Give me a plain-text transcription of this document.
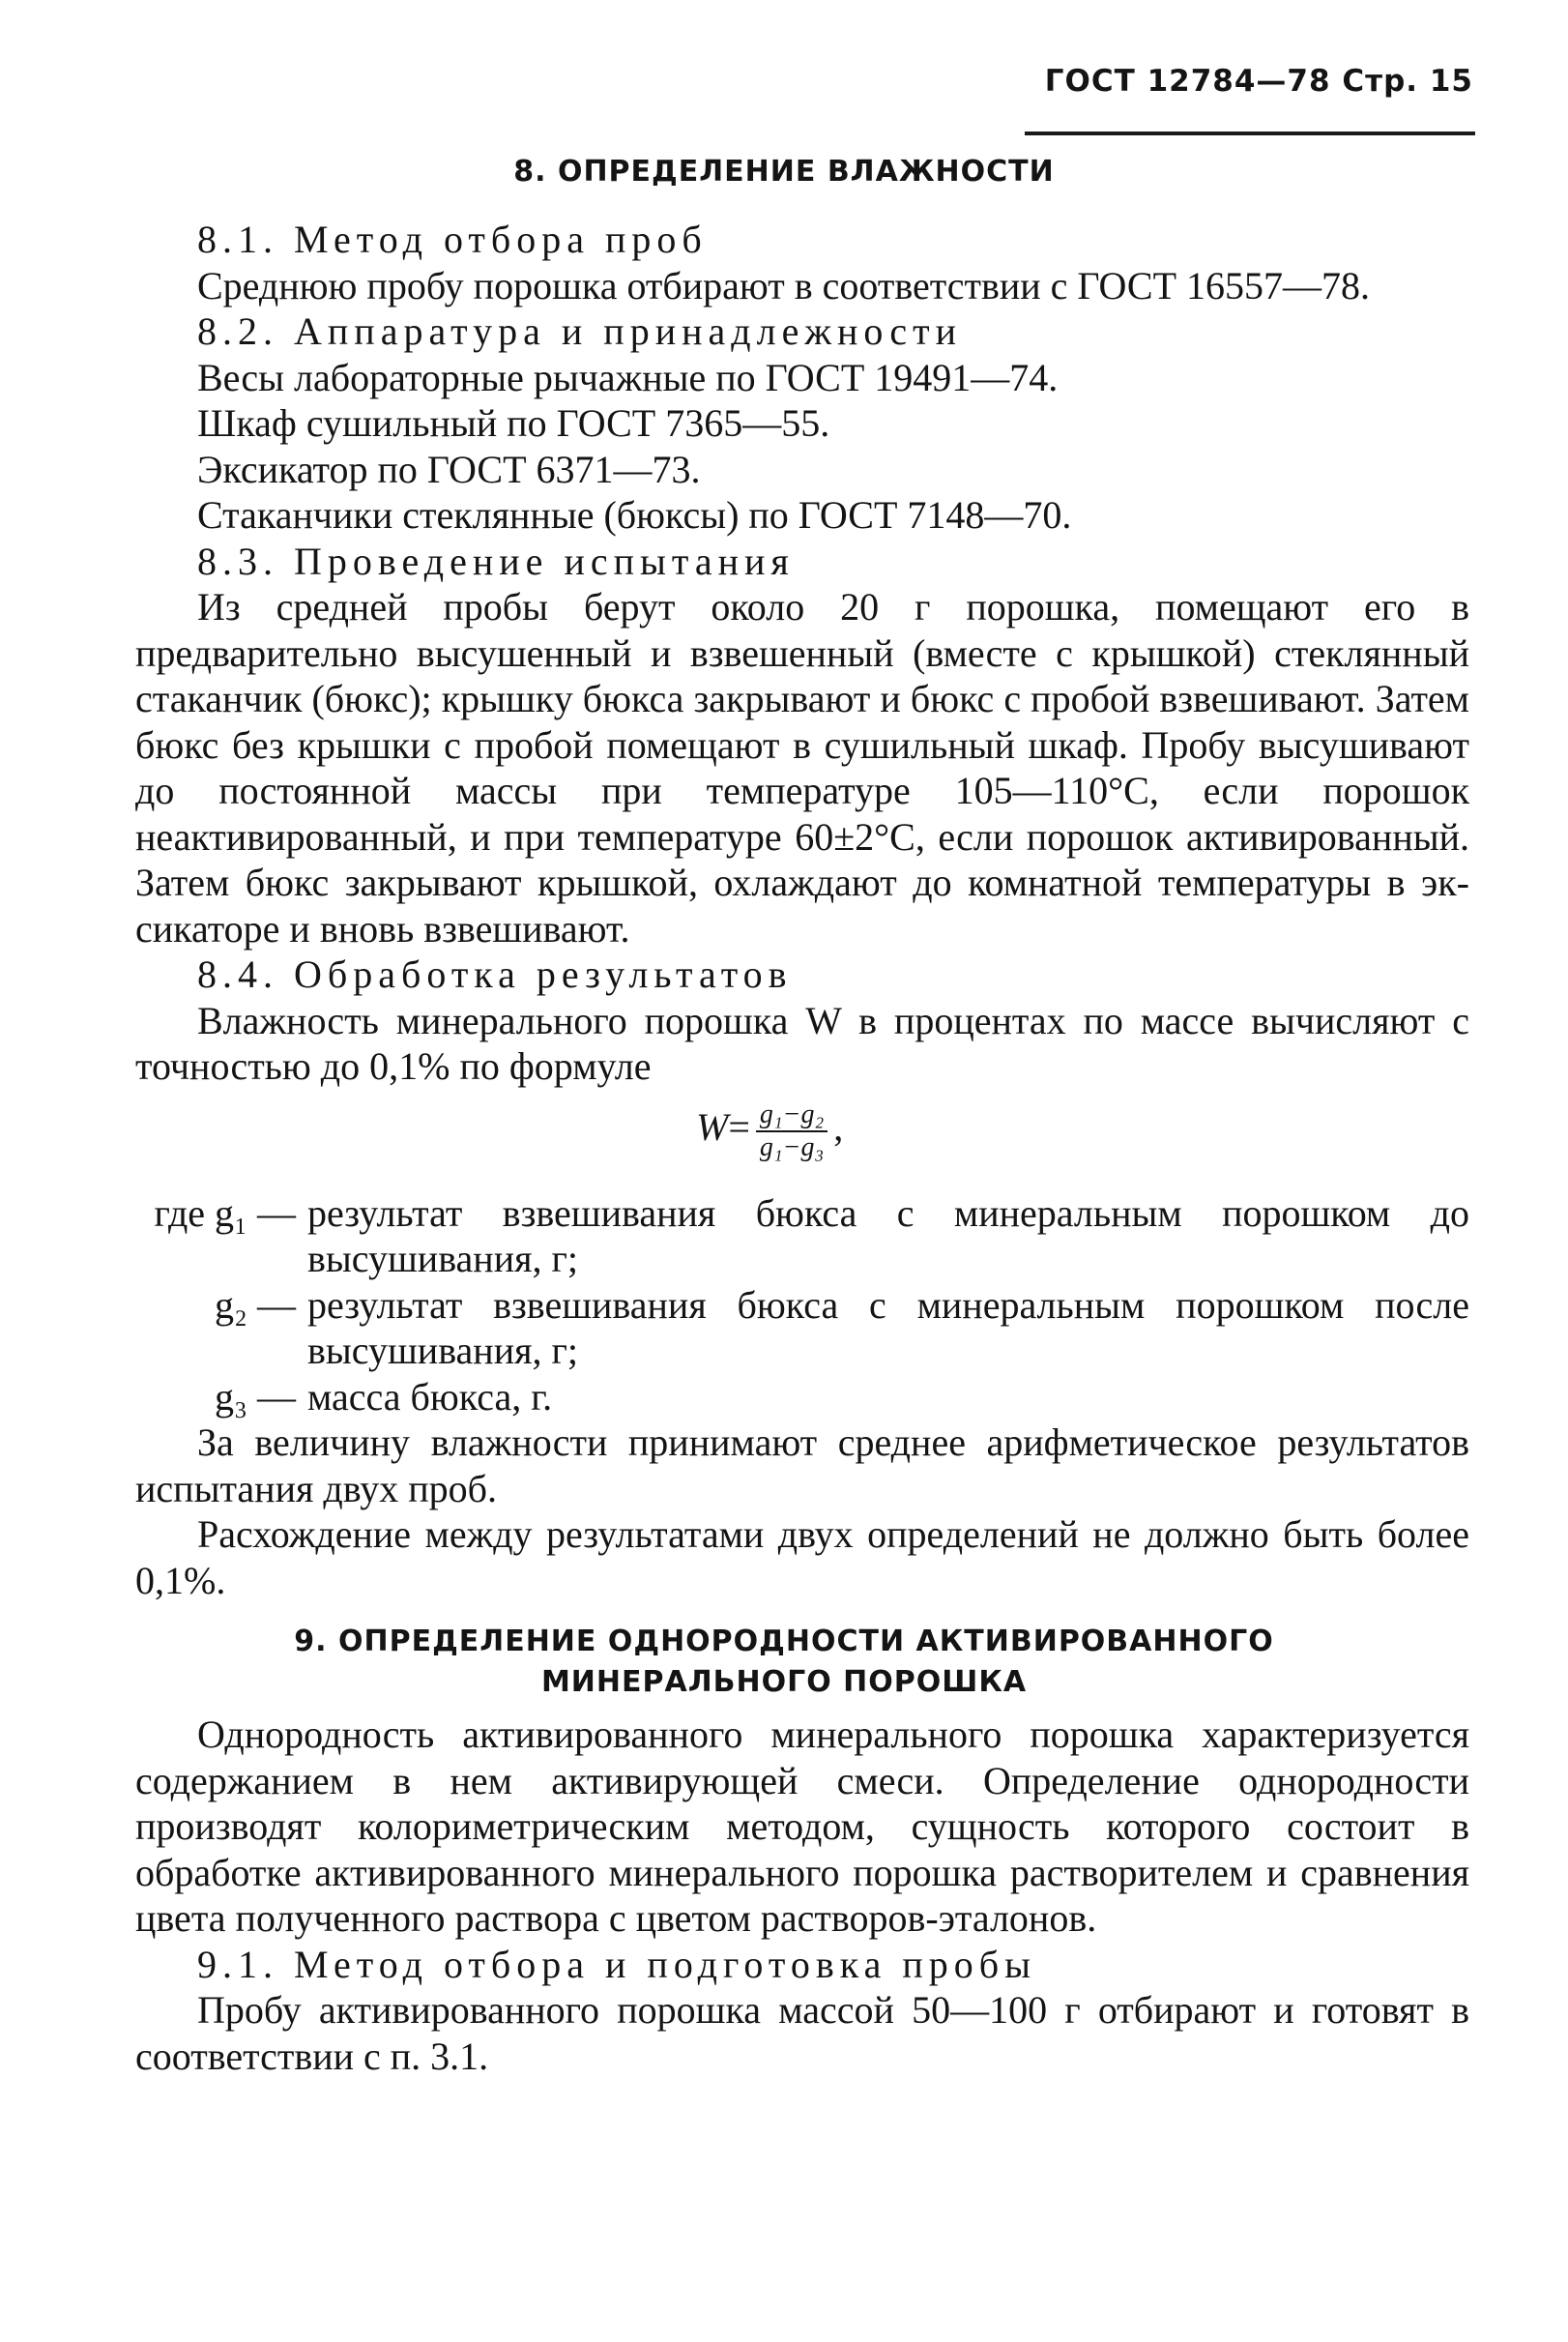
ГОСТ 12784—78 Стр. 15
8. ОПРЕДЕЛЕНИЕ ВЛАЖНОСТИ

8.1. Метод отбора проб

Среднюю пробу порошка отбирают в соответствии с ГОСТ 16557—78.

8.2. Аппаратура и принадлежности

Весы лабораторные рычажные по ГОСТ 19491—74.

Шкаф сушильный по ГОСТ 7365—55.

Эксикатор по ГОСТ 6371—73.

Стаканчики стеклянные (бюксы) по ГОСТ 7148—70.

8.3. Проведение испытания

Из средней пробы берут около 20 г порошка, помещают его в предварительно высушенный и взвешенный (вместе с крышкой) стеклянный стаканчик (бюкс); крышку бюкса закрывают и бюкс с пробой взвешивают. Затем бюкс без крышки с пробой помещают в сушильный шкаф. Пробу высушивают до постоянной массы при температуре 105—110°С, если порошок неактивированный, и при температуре 60±2°С, если порошок активированный. Затем бюкс закрывают крышкой, охлаждают до комнатной температуры в эксикаторе и вновь взвешивают.

8.4. Обработка результатов

Влажность минерального порошка W в процентах по массе вычисляют с точностью до 0,1% по формуле

$W= \frac{\text{g₁−g₂}}{\text{g₁−g₃}}$ ,
где g₁ — результат взвешивания бюкса с минеральным порошком до высушивания, г;
g₂ — результат взвешивания бюкса с минеральным порошком после высушивания, г;
g₃ — масса бюкса, г.

За величину влажности принимают среднее арифметическое результатов испытания двух проб.

Расхождение между результатами двух определений не должно быть более 0,1%.

9. ОПРЕДЕЛЕНИЕ ОДНОРОДНОСТИ АКТИВИРОВАННОГО
МИНЕРАЛЬНОГО ПОРОШКА

Однородность активированного минерального порошка характеризуется содержанием в нем активирующей смеси. Определение однородности производят колориметрическим методом, сущность которого состоит в обработке активированного минерального порошка растворителем и сравнения цвета полученного раствора с цветом растворов-эталонов.

9.1. Метод отбора и подготовка пробы

Пробу активированного порошка массой 50—100 г отбирают и готовят в соответствии с п. 3.1.
